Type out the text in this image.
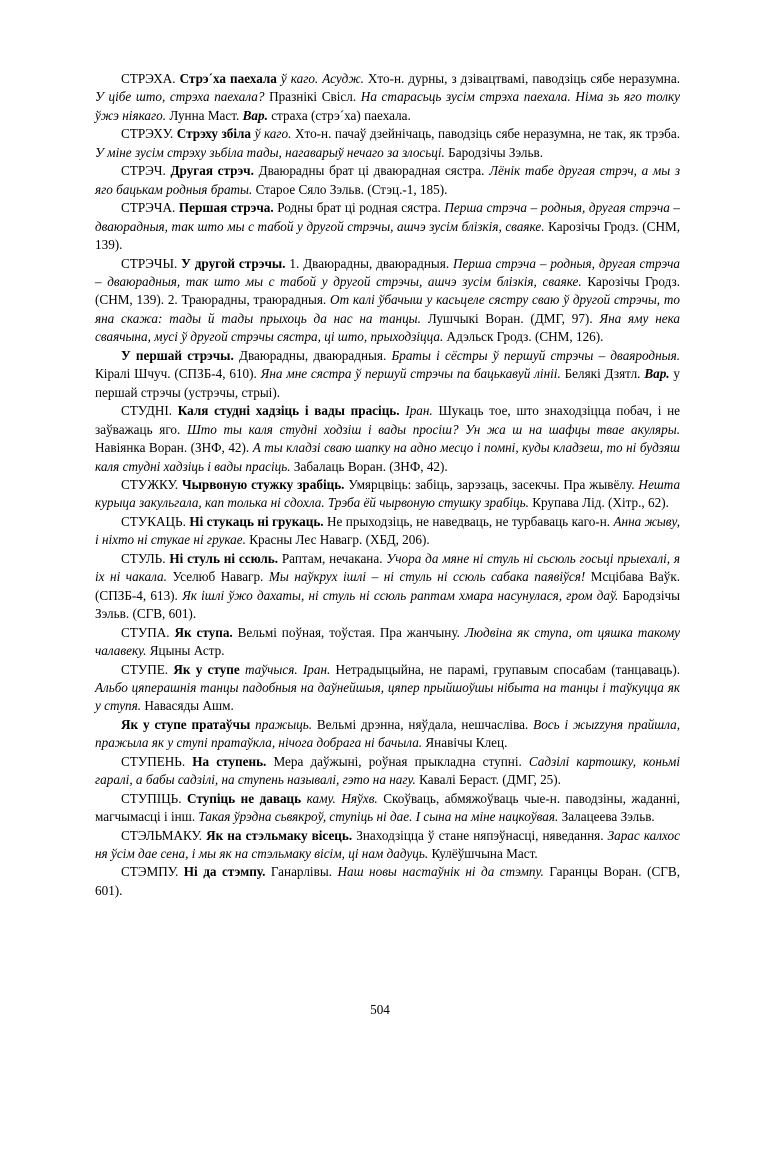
СТРЭХА. Стрэ´ха паехала ў каго. Асудж. Хто-н. дурны, з дзівацтвамі, паводзіць сябе неразумна. У цібе што, стрэха паехала? Празнікі Свісл. На старасьць зусім стрэха паехала. Німа зь яго толку ўжэ ніякаго. Лунна Маст. Вар. страха (стрэ´ха) паехала.

СТРЭХУ. Стрэху збіла ў каго. Хто-н. пачаў дзейнічаць, паводзіць сябе неразумна, не так, як трэба. У міне зусім стрэху зьбіла тады, нагаварыў нечаго за злосьці. Бародзічы Зэльв.

СТРЭЧ. Другая стрэч. Дваюрадны брат ці дваюрадная сястра. Лёнік табе другая стрэч, а мы з яго бацькам родныя браты. Старое Сяло Зэльв. (Стэц.-1, 185).

СТРЭЧА. Першая стрэча. Родны брат ці родная сястра. Перша стрэча – родныя, другая стрэча – дваюрадныя, так што мы с табой у другой стрэчы, ашчэ зусім блізкія, сваяке. Карозічы Гродз. (СНМ, 139).

СТРЭЧЫ. У другой стрэчы. 1. Дваюрадны, дваюрадныя. Перша стрэча – родныя, другая стрэча – дваюрадныя, так што мы с табой у другой стрэчы, ашчэ зусім блізкія, сваяке. Карозічы Гродз. (СНМ, 139). 2. Траюрадны, траюрадныя. От калі ўбачыш у касьцеле сястру сваю ў другой стрэчы, то яна скажа: тады й тады прыхоць да нас на танцы. Лушчыкі Воран. (ДМГ, 97). Яна яму нека сваячына, мусі ў другой стрэчы сястра, ці што, прыходзіцца. Адэльск Гродз. (СНМ, 126).

У першай стрэчы. Дваюрадны, дваюрадныя. Браты і сёстры ў першуй стрэчы – дваяродныя. Кіралі Шчуч. (СПЗБ-4, 610). Яна мне сястра ў першуй стрэчы па бацькавуй лініі. Белякі Дзятл. Вар. у першай стрэчы (устрэчы, стрыі).

СТУДНІ. Каля студні хадзіць і вады прасіць. Іран. Шукаць тое, што знаходзіцца побач, і не заўважаць яго. Што ты каля студні ходзіш і вады просіш? Ун жа ш на шафцы твае акуляры. Навіянка Воран. (ЗНФ, 42). А ты кладзі сваю шапку на адно месцо і помні, куды кладзеш, то ні будзяш каля студні хадзіць і вады прасіць. Забалаць Воран. (ЗНФ, 42).

СТУЖКУ. Чырвоную стужку зрабіць. Умярцвіць: забіць, зарэзаць, засекчы. Пра жывёлу. Нешта курыца закульгала, кап толька ні сдохла. Трэба ёй чырвоную стушку зрабіць. Крупава Лід. (Хітр., 62).

СТУКАЦЬ. Ні стукаць ні грукаць. Не прыходзіць, не наведваць, не турбаваць каго-н. Анна жыву, і ніхто ні стукае ні грукае. Красны Лес Навагр. (ХБД, 206).

СТУЛЬ. Ні стуль ні ссюль. Раптам, нечакана. Учора да мяне ні стуль ні сьсюль госьці прыехалі, я іх ні чакала. Уселюб Навагр. Мы наўкрух ішлі – ні стуль ні ссюль сабака паявіўся! Мсцібава Ваўк. (СПЗБ-4, 613). Як ішлі ўжо дахаты, ні стуль ні ссюль раптам хмара насунулася, гром даў. Бародзічы Зэльв. (СГВ, 601).

СТУПА. Як ступа. Вельмі поўная, тоўстая. Пра жанчыну. Людвіна як ступа, от цяшка такому чалавеку. Яцыны Астр.

СТУПЕ. Як у ступе таўчыся. Іран. Нетрадыцыйна, не парамі, групавым спосабам (танцаваць). Альбо цяперашнія танцы падобныя на даўнейшыя, цяпер прыйшоўшы нібыта на танцы і таўкуцца як у ступя. Навасяды Ашм.

Як у ступе пратаўчы пражыць. Вельмі дрэнна, няўдала, нешчасліва. Вось і жыzzyня прайшла, пражыла як у ступі пратаўкла, нічога добрага ні бачыла. Янавічы Клец.

СТУПЕНЬ. На ступень. Мера даўжыні, роўная прыкладна ступні. Садзілі картошку, коньмі гаралі, а бабы садзілі, на ступень называлі, гэто на нагу. Кавалі Бераст. (ДМГ, 25).

СТУПІЦЬ. Ступіць не даваць каму. Няўхв. Скоўваць, абмяжоўваць чые-н. паводзіны, жаданні, магчымасці і інш. Такая ўрэдна сьвякроў, ступіць ні дае. І сына на міне нацкоўвая. Залацеева Зэльв.

СТЭЛЬМАКУ. Як на стэльмаку вісець. Знаходзіцца ў стане няпэўнасці, няведання. Зарас калхос ня ўсім дае сена, і мы як на стэльмаку вісім, ці нам дадуць. Кулёўшчына Маст.

СТЭМПУ. Ні да стэмпу. Ганарлівы. Наш новы настаўнік ні да стэмпу. Гаранцы Воран. (СГВ, 601).

504
